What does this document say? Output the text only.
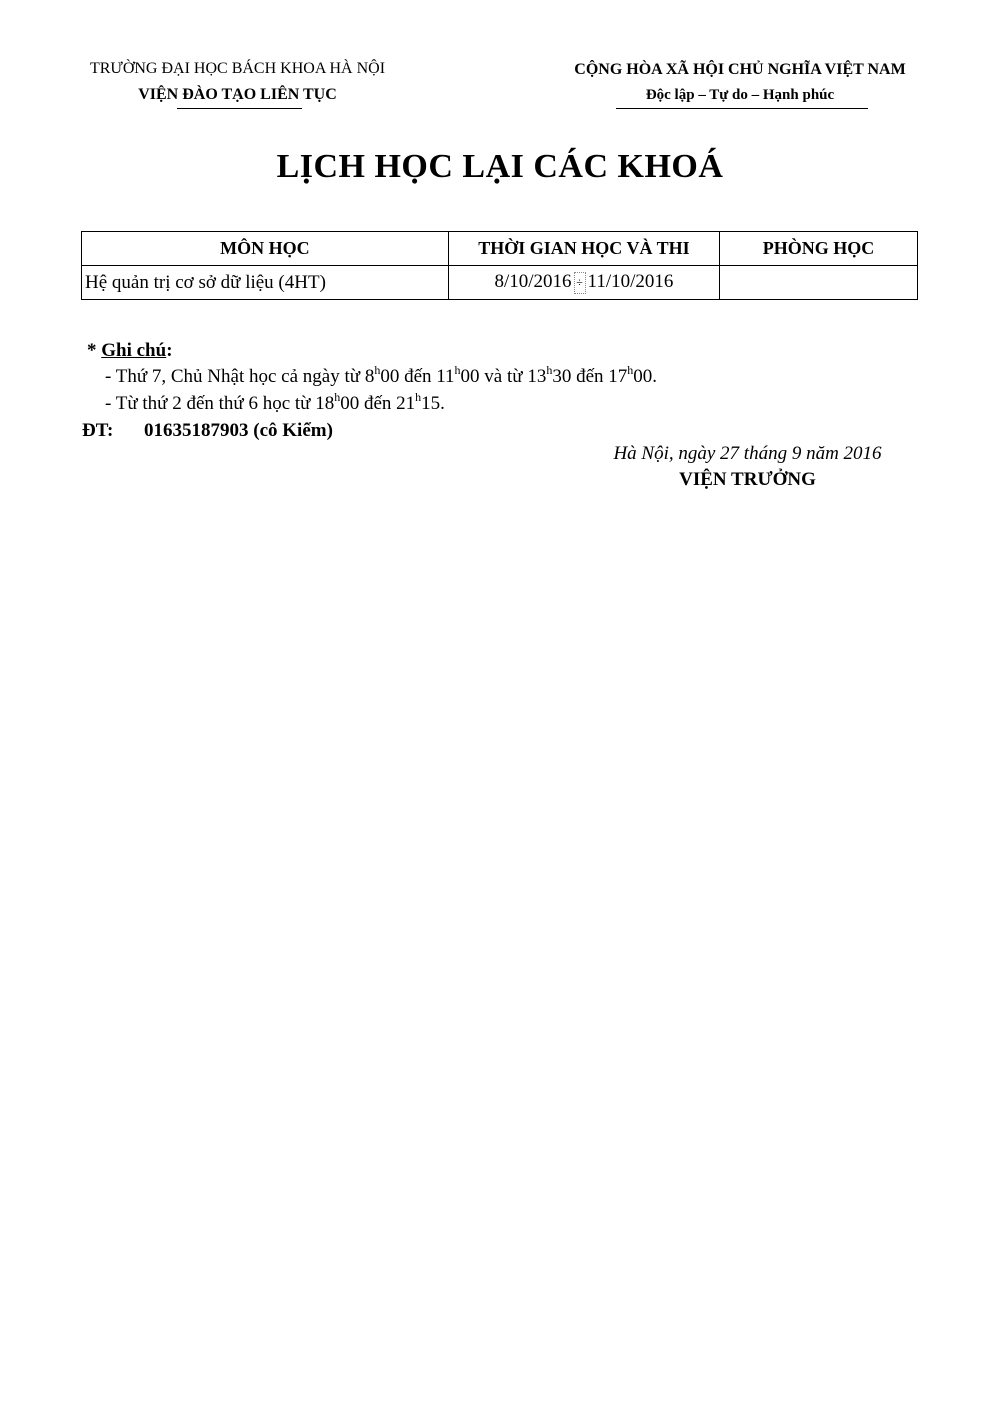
TRƯỜNG ĐẠI HỌC BÁCH KHOA HÀ NỘI
VIỆN ĐÀO TẠO LIÊN TỤC
CỘNG HÒA XÃ HỘI CHỦ NGHĨA VIỆT NAM
Độc lập – Tự do – Hạnh phúc
LỊCH HỌC LẠI CÁC KHOÁ
MÔN HỌC	THỜI GIAN HỌC VÀ THI	PHÒNG HỌC
Hệ quản trị cơ sở dữ liệu (4HT)	8/10/2016 ÷ 11/10/2016	
* Ghi chú:
- Thứ 7, Chủ Nhật học cả ngày từ 8$^h$00 đến 11$^h$00 và từ 13$^h$30 đến 17$^h$00.
- Từ thứ 2 đến thứ 6 học từ 18$^h$00 đến 21$^h$15.
ĐT: 01635187903 (cô Kiểm)
Hà Nội, ngày 27 tháng 9 năm 2016
VIỆN TRƯỞNG
